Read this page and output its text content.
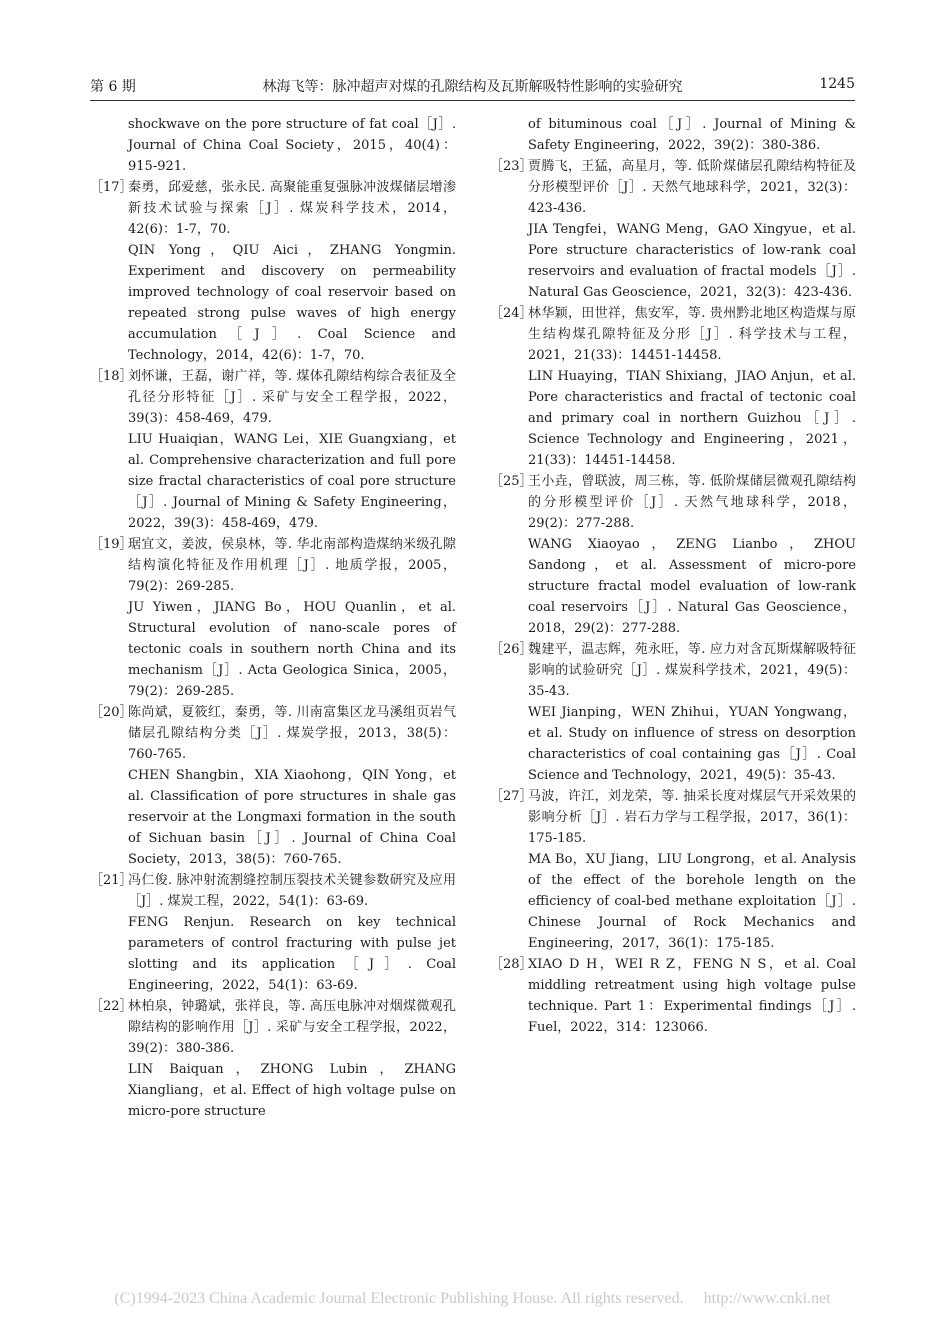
第 6 期	林海飞等：脉冲超声对煤的孔隙结构及瓦斯解吸特性影响的实验研究	1245

shockwave on the pore structure of fat coal［J］. Journal of China Coal Society，2015，40(4)：915-921.

［17］

秦勇，邱爱慈，张永民. 高聚能重复强脉冲波煤储层增渗新技术试验与探索［J］. 煤炭科学技术，2014，42(6)：1-7，70.

QIN Yong，QIU Aici，ZHANG Yongmin. Experiment and discovery on permeability improved technology of coal reservoir based on repeated strong pulse waves of high energy accumulation［J］. Coal Science and Technology，2014，42(6)：1-7，70.

［18］

刘怀谦，王磊，谢广祥，等. 煤体孔隙结构综合表征及全孔径分形特征［J］. 采矿与安全工程学报，2022，39(3)：458-469，479.

LIU Huaiqian，WANG Lei，XIE Guangxiang，et al. Comprehensive characterization and full pore size fractal characteristics of coal pore structure［J］. Journal of Mining & Safety Engineering，2022，39(3)：458-469，479.

［19］

琚宜文，姜波，侯泉林，等. 华北南部构造煤纳米级孔隙结构演化特征及作用机理［J］. 地质学报，2005，79(2)：269-285.

JU Yiwen，JIANG Bo，HOU Quanlin，et al. Structural evolution of nano-scale pores of tectonic coals in southern north China and its mechanism［J］. Acta Geologica Sinica，2005，79(2)：269-285.

［20］

陈尚斌，夏筱红，秦勇，等. 川南富集区龙马溪组页岩气储层孔隙结构分类［J］. 煤炭学报，2013，38(5)：760-765.

CHEN Shangbin，XIA Xiaohong，QIN Yong，et al. Classification of pore structures in shale gas reservoir at the Longmaxi formation in the south of Sichuan basin［J］. Journal of China Coal Society，2013，38(5)：760-765.

［21］

冯仁俊. 脉冲射流割缝控制压裂技术关键参数研究及应用［J］. 煤炭工程，2022，54(1)：63-69.

FENG Renjun. Research on key technical parameters of control fracturing with pulse jet slotting and its application［J］. Coal Engineering，2022，54(1)：63-69.

［22］

林柏泉，钟璐斌，张祥良，等. 高压电脉冲对烟煤微观孔隙结构的影响作用［J］. 采矿与安全工程学报，2022，39(2)：380-386.

LIN Baiquan，ZHONG Lubin，ZHANG Xiangliang，et al. Effect of high voltage pulse on micro-pore structure

of bituminous coal［J］. Journal of Mining & Safety Engineering，2022，39(2)：380-386.

［23］

贾腾飞，王猛，高星月，等. 低阶煤储层孔隙结构特征及分形模型评价［J］. 天然气地球科学，2021，32(3)：423-436.

JIA Tengfei，WANG Meng，GAO Xingyue，et al. Pore structure characteristics of low-rank coal reservoirs and evaluation of fractal models［J］. Natural Gas Geoscience，2021，32(3)：423-436.

［24］

林华颖，田世祥，焦安军，等. 贵州黔北地区构造煤与原生结构煤孔隙特征及分形［J］. 科学技术与工程，2021，21(33)：14451-14458.

LIN Huaying，TIAN Shixiang，JIAO Anjun，et al. Pore characteristics and fractal of tectonic coal and primary coal in northern Guizhou［J］. Science Technology and Engineering，2021，21(33)：14451-14458.

［25］

王小垚，曾联波，周三栋，等. 低阶煤储层微观孔隙结构的分形模型评价［J］. 天然气地球科学，2018，29(2)：277-288.

WANG Xiaoyao，ZENG Lianbo，ZHOU Sandong，et al. Assessment of micro-pore structure fractal model evaluation of low-rank coal reservoirs［J］. Natural Gas Geoscience，2018，29(2)：277-288.

［26］

魏建平，温志辉，苑永旺，等. 应力对含瓦斯煤解吸特征影响的试验研究［J］. 煤炭科学技术，2021，49(5)：35-43.

WEI Jianping，WEN Zhihui，YUAN Yongwang，et al. Study on influence of stress on desorption characteristics of coal containing gas［J］. Coal Science and Technology，2021，49(5)：35-43.

［27］

马波，许江，刘龙荣，等. 抽采长度对煤层气开采效果的影响分析［J］. 岩石力学与工程学报，2017，36(1)：175-185.

MA Bo，XU Jiang，LIU Longrong，et al. Analysis of the effect of the borehole length on the efficiency of coal-bed methane exploitation［J］. Chinese Journal of Rock Mechanics and Engineering，2017，36(1)：175-185.

［28］

XIAO D H，WEI R Z，FENG N S，et al. Coal middling retreatment using high voltage pulse technique. Part 1：Experimental findings［J］. Fuel，2022，314：123066.

(C)1994-2023 China Academic Journal Electronic Publishing House. All rights reserved. http://www.cnki.net
